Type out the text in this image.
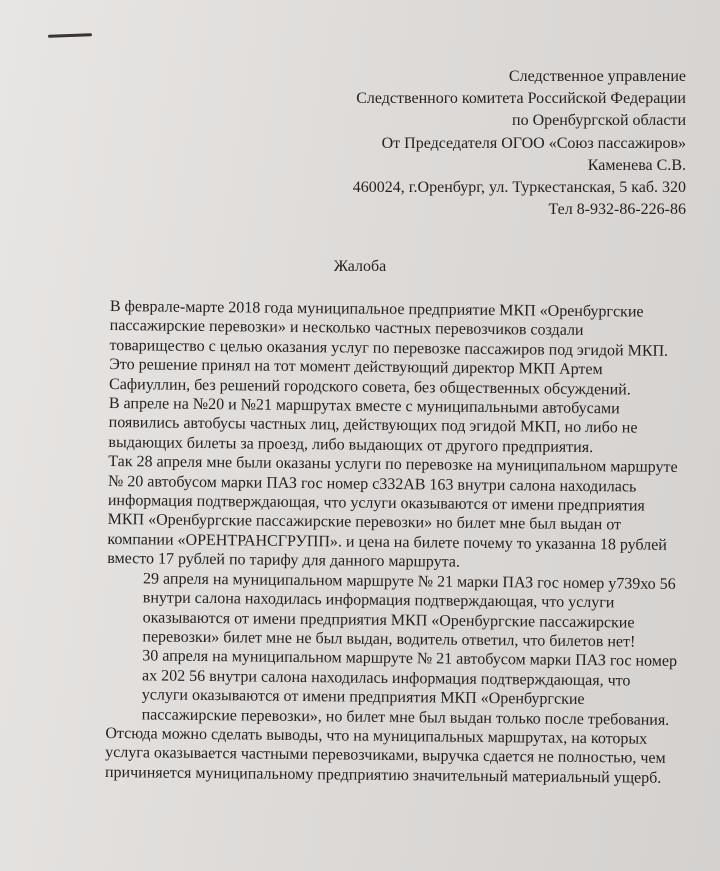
Следственное управление
Следственного комитета Российской Федерации
по Оренбургской области
От Председателя ОГОО «Союз пассажиров»
Каменева С.В.
460024, г.Оренбург, ул. Туркестанская, 5 каб. 320
Тел 8-932-86-226-86
Жалоба

В феврале-марте 2018 года муниципальное предприятие МКП «Оренбургские пассажирские перевозки» и несколько частных перевозчиков создали товарищество с целью оказания услуг по перевозке пассажиров под эгидой МКП. Это решение принял на тот момент действующий директор МКП Артем Сафиуллин, без решений городского совета, без общественных обсуждений.

В апреле на №20 и №21 маршрутах вместе с муниципальными автобусами появились автобусы частных лиц, действующих под эгидой МКП, но либо не выдающих билеты за проезд, либо выдающих от другого предприятия.

Так 28 апреля мне были оказаны услуги по перевозке на муниципальном маршруте № 20 автобусом марки ПАЗ гос номер с332АВ 163 внутри салона находилась информация подтверждающая, что услуги оказываются от имени предприятия МКП «Оренбургские пассажирские перевозки» но билет мне был выдан от компании «ОРЕНТРАНСГРУПП». и цена на билете почему то указанна 18 рублей вместо 17 рублей по тарифу для данного маршрута.

29 апреля на муниципальном маршруте № 21 марки ПАЗ гос номер у739хо 56 внутри салона находилась информация подтверждающая, что услуги оказываются от имени предприятия МКП «Оренбургские пассажирские перевозки» билет мне не был выдан, водитель ответил, что билетов нет!

30 апреля на муниципальном маршруте № 21 автобусом марки ПАЗ гос номер ах 202 56 внутри салона находилась информация подтверждающая, что услуги оказываются от имени предприятия МКП «Оренбургские пассажирские перевозки», но билет мне был выдан только после требования.

Отсюда можно сделать выводы, что на муниципальных маршрутах, на которых услуга оказывается частными перевозчиками, выручка сдается не полностью, чем причиняется муниципальному предприятию значительный материальный ущерб.
